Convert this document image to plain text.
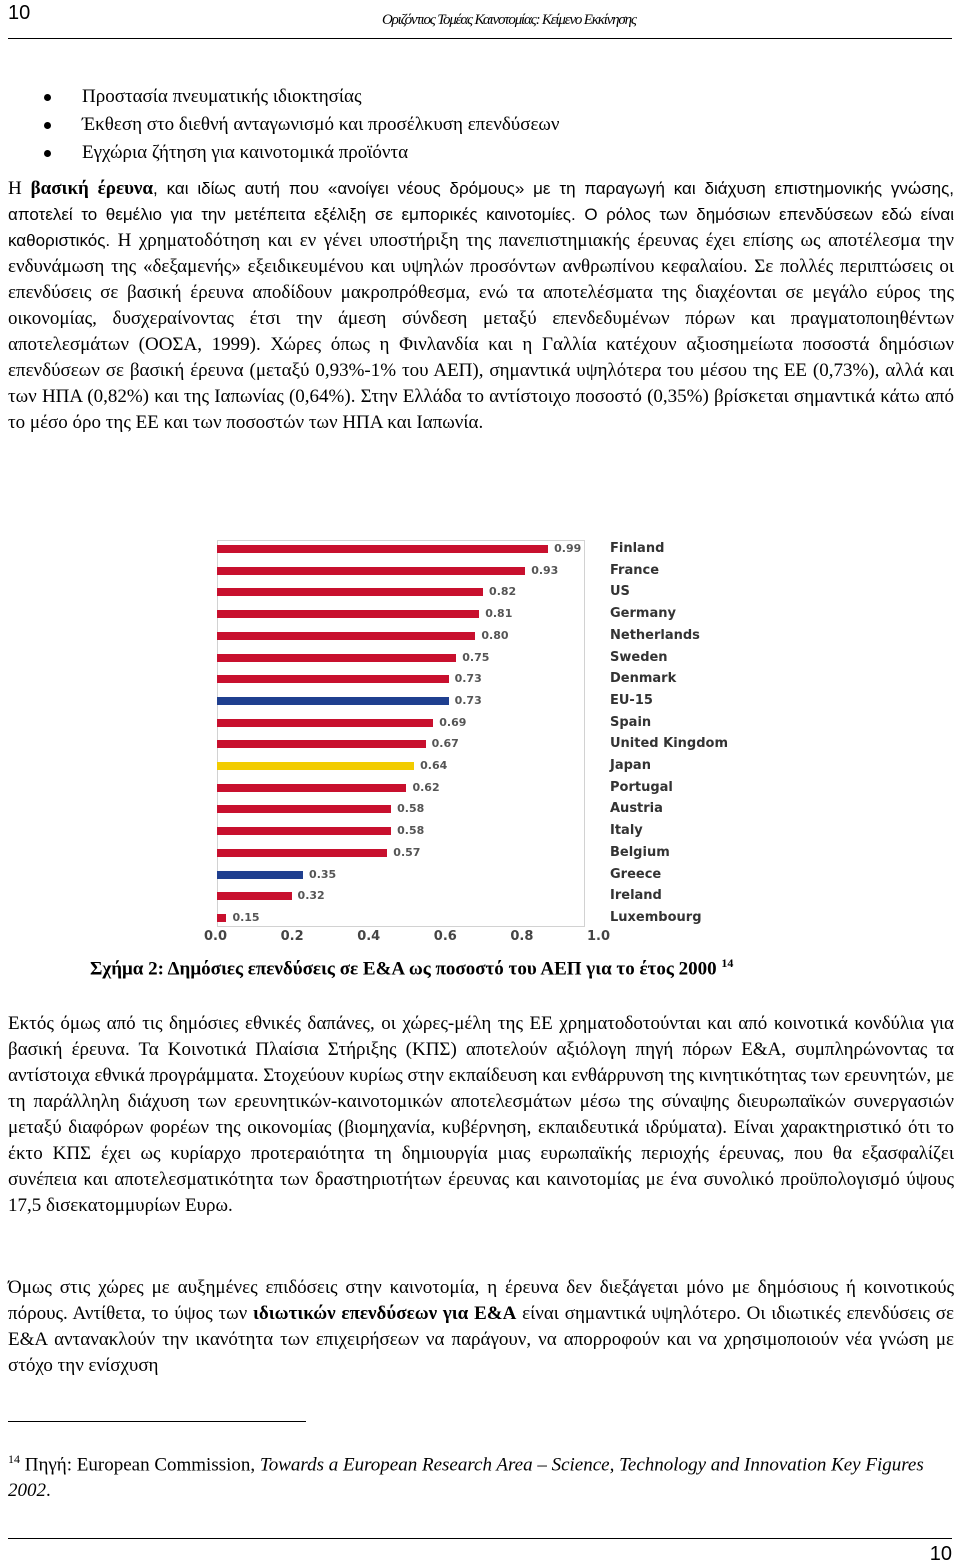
10	Οριζόντιος Τομέας Καινοτομίας: Κείμενο Εκκίνησης
Προστασία πνευματικής ιδιοκτησίας
Έκθεση στο διεθνή ανταγωνισμό και προσέλκυση επενδύσεων
Εγχώρια ζήτηση για καινοτομικά προϊόντα

Η βασική έρευνα, και ιδίως αυτή που «ανοίγει νέους δρόμους» με τη παραγωγή και διάχυση επιστημονικής γνώσης, αποτελεί το θεμέλιο για την μετέπειτα εξέλιξη σε εμπορικές καινοτομίες. Ο ρόλος των δημόσιων επενδύσεων εδώ είναι καθοριστικός. Η χρηματοδότηση και εν γένει υποστήριξη της πανεπιστημιακής έρευνας έχει επίσης ως αποτέλεσμα την ενδυνάμωση της «δεξαμενής» εξειδικευμένου και υψηλών προσόντων ανθρωπίνου κεφαλαίου. Σε πολλές περιπτώσεις οι επενδύσεις σε βασική έρευνα αποδίδουν μακροπρόθεσμα, ενώ τα αποτελέσματα της διαχέονται σε μεγάλο εύρος της οικονομίας, δυσχεραίνοντας έτσι την άμεση σύνδεση μεταξύ επενδεδυμένων πόρων και πραγματοποιηθέντων αποτελεσμάτων (ΟΟΣΑ, 1999). Χώρες όπως η Φινλανδία και η Γαλλία κατέχουν αξιοσημείωτα ποσοστά δημόσιων επενδύσεων σε βασική έρευνα (μεταξύ 0,93%-1% του ΑΕΠ), σημαντικά υψηλότερα του μέσου της ΕΕ (0,73%), αλλά και των ΗΠΑ (0,82%) και της Ιαπωνίας (0,64%). Στην Ελλάδα το αντίστοιχο ποσοστό (0,35%) βρίσκεται σημαντικά κάτω από το μέσο όρο της ΕΕ και των ποσοστών των ΗΠΑ και Ιαπωνία.

0.99 Finland
0.93	France
0.82	US
0.81	Germany
0.80	Netherlands
0.75	Sweden
0.73	Denmark
0.73	EU-15
0.69	Spain
0.67	United Kingdom
0.64	Japan
0.62	Portugal
0.58	Austria
0.58	Italy
0.57	Belgium
0.35	Greece
0.32	Ireland
0.15	Luxembourg
0.0	0.2	0.4	0.6	0.8	1.0
Σχήμα 2: Δημόσιες επενδύσεις σε Ε&Α ως ποσοστό του ΑΕΠ για το έτος 2000 $^{14}$

Εκτός όμως από τις δημόσιες εθνικές δαπάνες, οι χώρες-μέλη της ΕΕ χρηματοδοτούνται και από κοινοτικά κονδύλια για βασική έρευνα. Τα Κοινοτικά Πλαίσια Στήριξης (ΚΠΣ) αποτελούν αξιόλογη πηγή πόρων Ε&Α, συμπληρώνοντας τα αντίστοιχα εθνικά προγράμματα. Στοχεύουν κυρίως στην εκπαίδευση και ενθάρρυνση της κινητικότητας των ερευνητών, με τη παράλληλη διάχυση των ερευνητικών-καινοτομικών αποτελεσμάτων μέσω της σύναψης διευρωπαϊκών συνεργασιών μεταξύ διαφόρων φορέων της οικονομίας (βιομηχανία, κυβέρνηση, εκπαιδευτικά ιδρύματα). Είναι χαρακτηριστικό ότι το έκτο ΚΠΣ έχει ως κυρίαρχο προτεραιότητα τη δημιουργία μιας ευρωπαϊκής περιοχής έρευνας, που θα εξασφαλίζει συνέπεια και αποτελεσματικότητα των δραστηριοτήτων έρευνας και καινοτομίας με ένα συνολικό προϋπολογισμό ύψους 17,5 δισεκατομμυρίων Ευρω.

Όμως στις χώρες με αυξημένες επιδόσεις στην καινοτομία, η έρευνα δεν διεξάγεται μόνο με δημόσιους ή κοινοτικούς πόρους. Αντίθετα, το ύψος των ιδιωτικών επενδύσεων για Ε&Α είναι σημαντικά υψηλότερο. Οι ιδιωτικές επενδύσεις σε Ε&Α αντανακλούν την ικανότητα των επιχειρήσεων να παράγουν, να απορροφούν και να χρησιμοποιούν νέα γνώση με στόχο την ενίσχυση

$^{14}$ Πηγή: European Commission, Towards a European Research Area – Science, Technology and Innovation Key Figures 2002.

10
